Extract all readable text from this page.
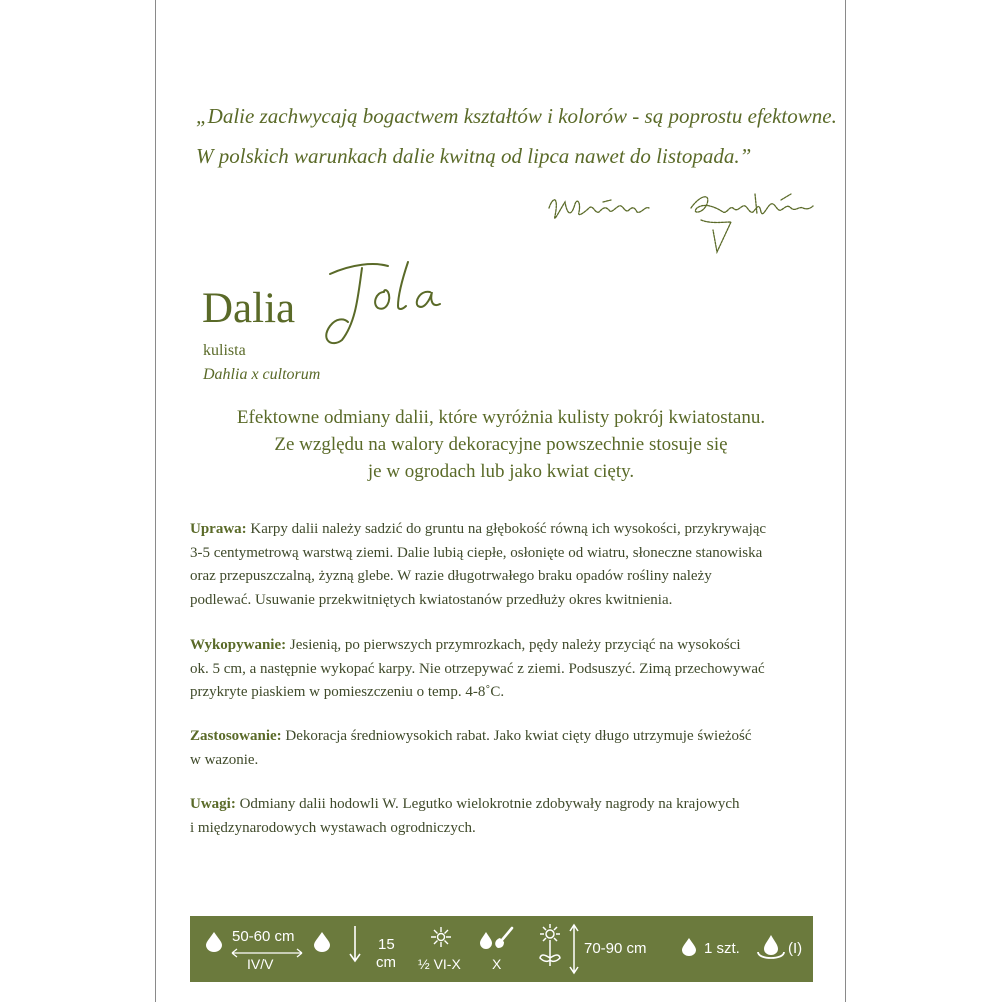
„Dalie zachwycają bogactwem kształtów i kolorów - są poprostu efektowne.
W polskich warunkach dalie kwitną od lipca nawet do listopada.”
Dalia
kulista
Dahlia x cultorum
Efektowne odmiany dalii, które wyróżnia kulisty pokrój kwiatostanu.
Ze względu na walory dekoracyjne powszechnie stosuje się
je w ogrodach lub jako kwiat cięty.
Uprawa: Karpy dalii należy sadzić do gruntu na głębokość równą ich wysokości, przykrywając
3-5 centymetrową warstwą ziemi. Dalie lubią ciepłe, osłonięte od wiatru, słoneczne stanowiska
oraz przepuszczalną, żyzną glebe. W razie długotrwałego braku opadów rośliny należy
podlewać. Usuwanie przekwitniętych kwiatostanów przedłuży okres kwitnienia.
Wykopywanie: Jesienią, po pierwszych przymrozkach, pędy należy przyciąć na wysokości
ok. 5 cm, a następnie wykopać karpy. Nie otrzepywać z ziemi. Podsuszyć. Zimą przechowywać
przykryte piaskiem w pomieszczeniu o temp. 4-8˚C.
Zastosowanie: Dekoracja średniowysokich rabat. Jako kwiat cięty długo utrzymuje świeżość
w wazonie.
Uwagi: Odmiany dalii hodowli W. Legutko wielokrotnie zdobywały nagrody na krajowych
i międzynarodowych wystawach ogrodniczych.
50-60 cm
IV/V
15
cm ½ VI-X X
70-90 cm	1 szt.	(I)
